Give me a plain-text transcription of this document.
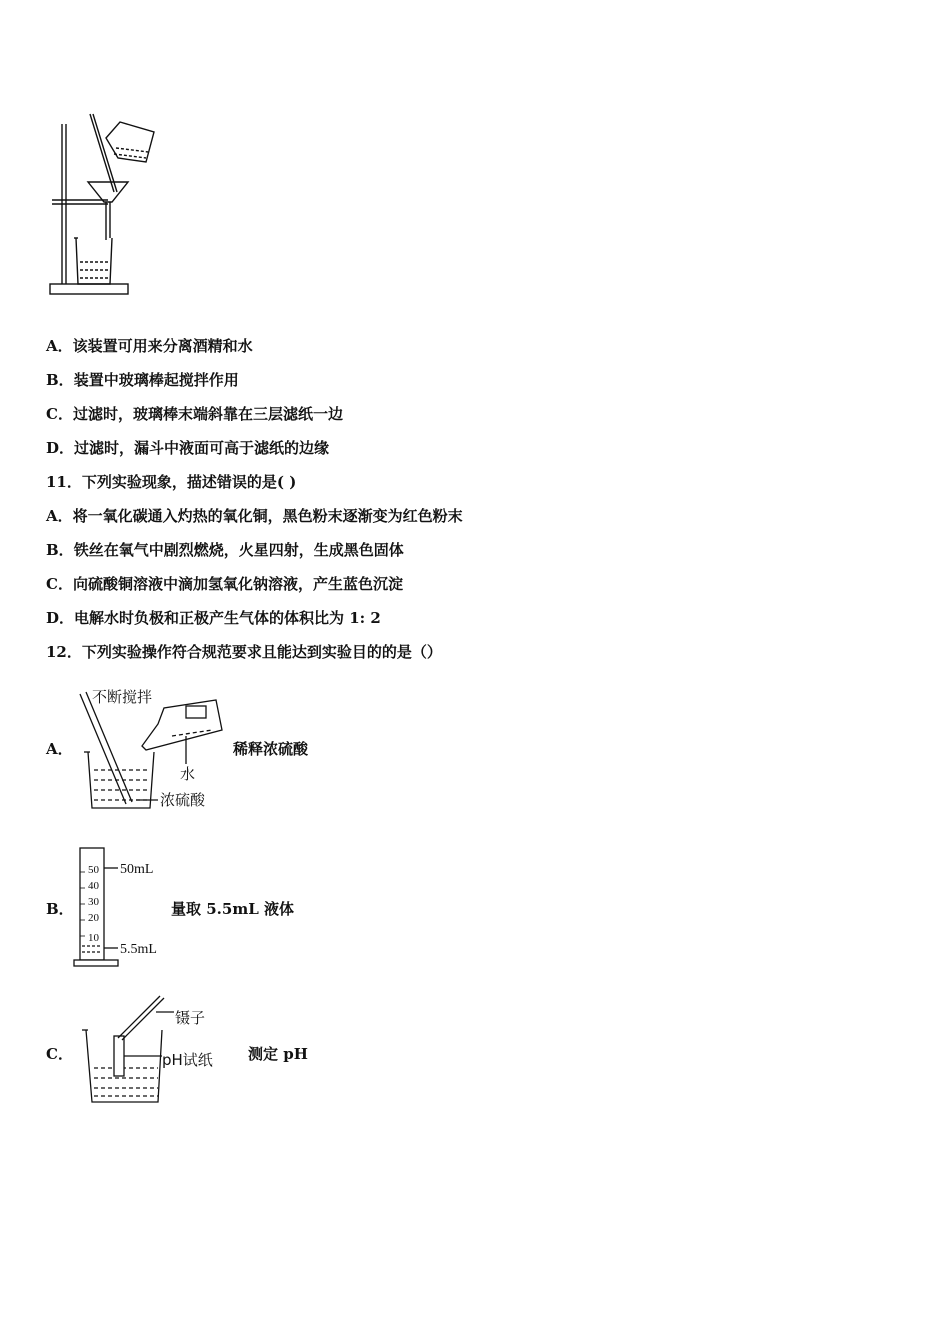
A．该装置可用来分离酒精和水
B．装置中玻璃棒起搅拌作用
C．过滤时，玻璃棒末端斜靠在三层滤纸一边
D．过滤时，漏斗中液面可高于滤纸的边缘
11．下列实验现象，描述错误的是( )
A．将一氧化碳通入灼热的氧化铜，黑色粉末逐渐变为红色粉末
B．铁丝在氧气中剧烈燃烧，火星四射，生成黑色固体
C．向硫酸铜溶液中滴加氢氧化钠溶液，产生蓝色沉淀
D．电解水时负极和正极产生气体的体积比为 1: 2
12．下列实验操作符合规范要求且能达到实验目的的是（）
A．
不断搅拌
水
浓硫酸
稀释浓硫酸
B．
50
40
30
20
10
50mL
5.5mL
量取 5.5mL 液体
C．
镊子
pH试纸 测定 pH
